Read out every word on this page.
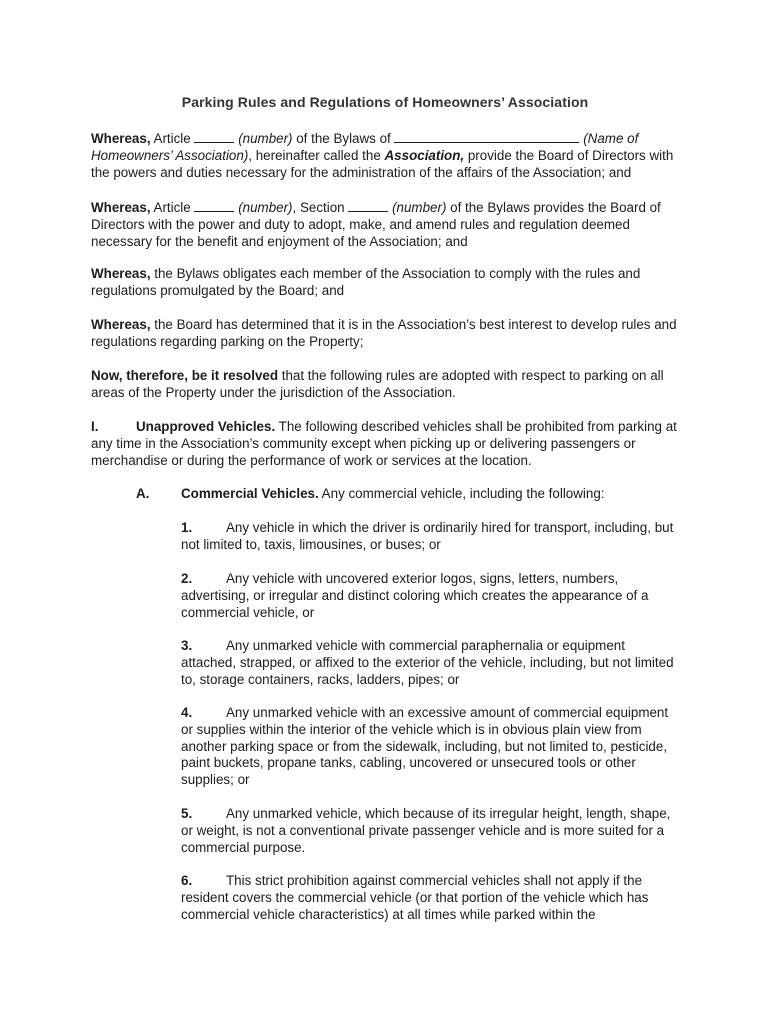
Parking Rules and Regulations of Homeowners’ Association

Whereas, Article	(number) of the Bylaws of	(Name of Homeowners’ Association), hereinafter called the Association, provide the Board of Directors with the powers and duties necessary for the administration of the affairs of the Association; and

Whereas, Article	(number), Section	(number) of the Bylaws provides the Board of Directors with the power and duty to adopt, make, and amend rules and regulation deemed necessary for the benefit and enjoyment of the Association; and

Whereas, the Bylaws obligates each member of the Association to comply with the rules and regulations promulgated by the Board; and

Whereas, the Board has determined that it is in the Association’s best interest to develop rules and regulations regarding parking on the Property;

Now, therefore, be it resolved that the following rules are adopted with respect to parking on all areas of the Property under the jurisdiction of the Association.

I.	Unapproved Vehicles. The following described vehicles shall be prohibited from parking at any time in the Association’s community except when picking up or delivering passengers or merchandise or during the performance of work or services at the location.

A. Commercial Vehicles. Any commercial vehicle, including the following:

1.	Any vehicle in which the driver is ordinarily hired for transport, including, but not limited to, taxis, limousines, or buses; or

2.	Any vehicle with uncovered exterior logos, signs, letters, numbers, advertising, or irregular and distinct coloring which creates the appearance of a commercial vehicle, or

3.	Any unmarked vehicle with commercial paraphernalia or equipment attached, strapped, or affixed to the exterior of the vehicle, including, but not limited to, storage containers, racks, ladders, pipes; or

4.	Any unmarked vehicle with an excessive amount of commercial equipment or supplies within the interior of the vehicle which is in obvious plain view from another parking space or from the sidewalk, including, but not limited to, pesticide, paint buckets, propane tanks, cabling, uncovered or unsecured tools or other supplies; or

5.	Any unmarked vehicle, which because of its irregular height, length, shape, or weight, is not a conventional private passenger vehicle and is more suited for a commercial purpose.

6.	This strict prohibition against commercial vehicles shall not apply if the resident covers the commercial vehicle (or that portion of the vehicle which has commercial vehicle characteristics) at all times while parked within the
